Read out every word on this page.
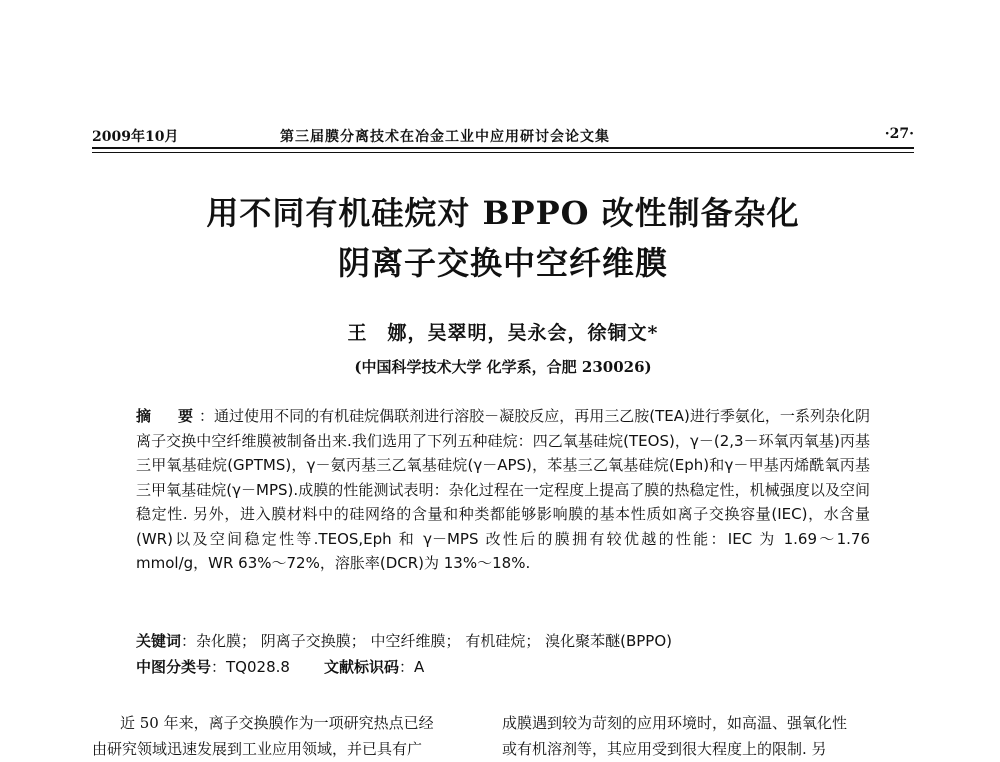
2009年10月	第三届膜分离技术在冶金工业中应用研讨会论文集	·27·
用不同有机硅烷对 BPPO 改性制备杂化
阴离子交换中空纤维膜
王　娜，吴翠明，吴永会，徐铜文*
(中国科学技术大学 化学系，合肥 230026)
摘　要：通过使用不同的有机硅烷偶联剂进行溶胶－凝胶反应，再用三乙胺(TEA)进行季氨化，一系列杂化阴离子交换中空纤维膜被制备出来.我们选用了下列五种硅烷：四乙氧基硅烷(TEOS)，γ－(2,3－环氧丙氧基)丙基三甲氧基硅烷(GPTMS)，γ－氨丙基三乙氧基硅烷(γ－APS)，苯基三乙氧基硅烷(Eph)和γ－甲基丙烯酰氧丙基三甲氧基硅烷(γ－MPS).成膜的性能测试表明：杂化过程在一定程度上提高了膜的热稳定性，机械强度以及空间稳定性. 另外，进入膜材料中的硅网络的含量和种类都能够影响膜的基本性质如离子交换容量(IEC)，水含量(WR)以及空间稳定性等.TEOS,Eph 和 γ－MPS 改性后的膜拥有较优越的性能：IEC 为 1.69～1.76 mmol/g，WR 63%～72%，溶胀率(DCR)为 13%～18%.
关键词：杂化膜； 阴离子交换膜； 中空纤维膜； 有机硅烷； 溴化聚苯醚(BPPO)
中图分类号：TQ028.8 文献标识码：A

近 50 年来，离子交换膜作为一项研究热点已经

由研究领域迅速发展到工业应用领域，并已具有广

成膜遇到较为苛刻的应用环境时，如高温、强氧化性

或有机溶剂等，其应用受到很大程度上的限制. 另
